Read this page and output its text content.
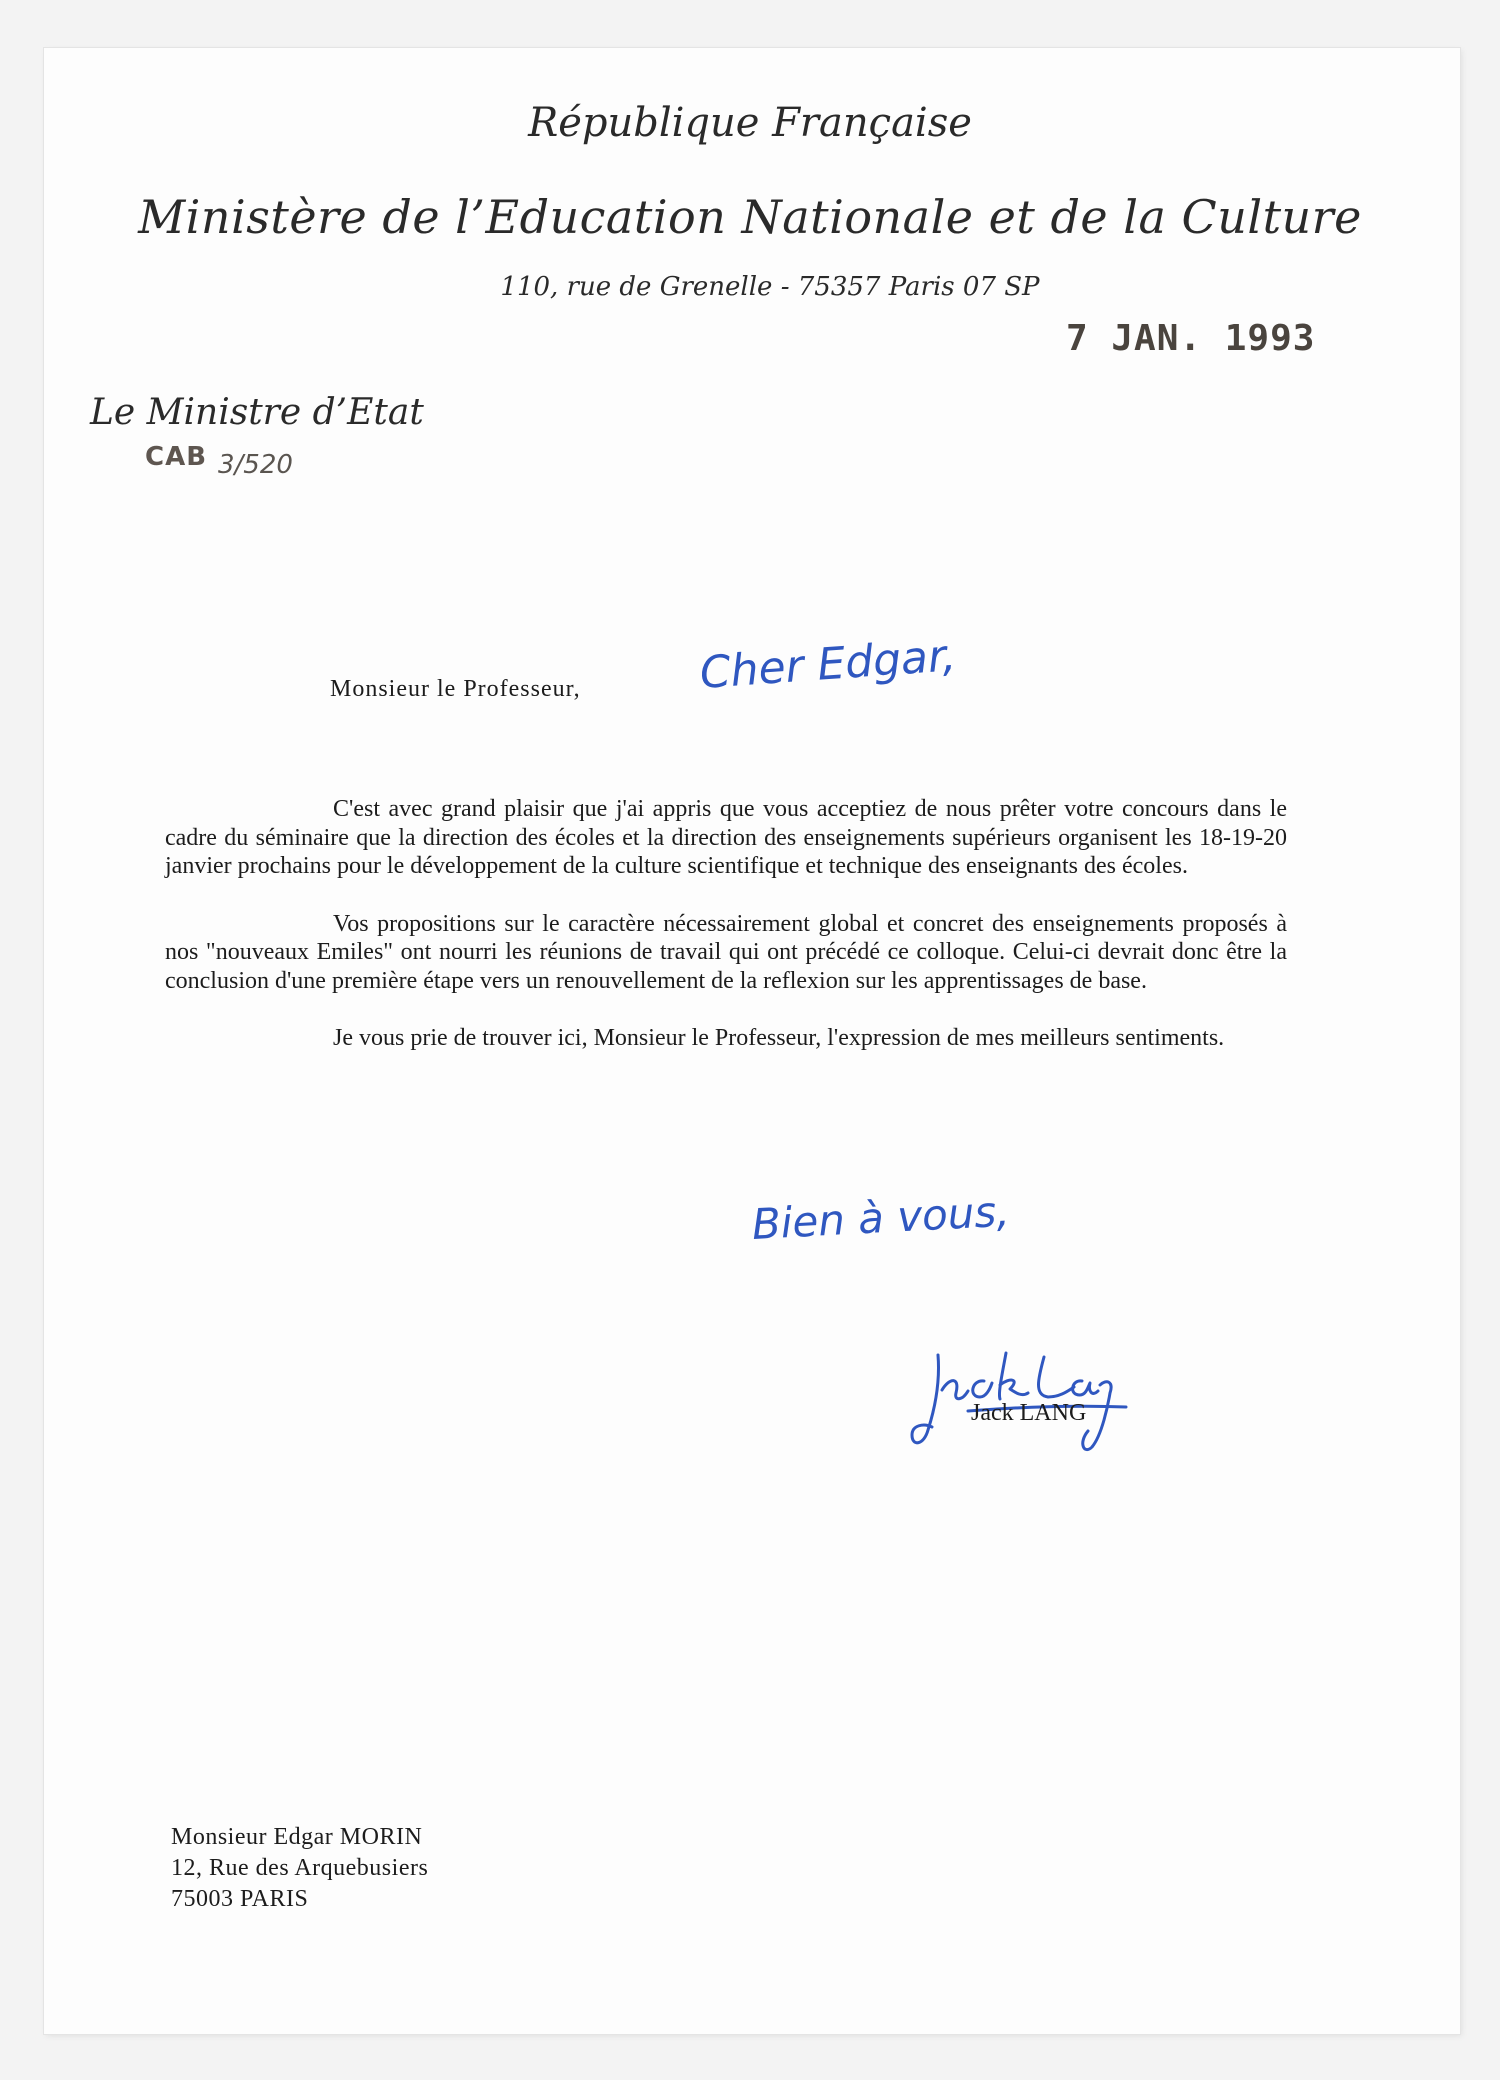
République Française
Ministère de l’Education Nationale et de la Culture
110, rue de Grenelle - 75357 Paris 07 SP
7 JAN. 1993
Le Ministre d’Etat
CAB 3/520
Monsieur le Professeur,	Cher Edgar,

C'est avec grand plaisir que j'ai appris que vous acceptiez de nous prêter votre concours dans le cadre du séminaire que la direction des écoles et la direction des enseignements supérieurs organisent les 18-19-20 janvier prochains pour le développement de la culture scientifique et technique des enseignants des écoles.

Vos propositions sur le caractère nécessairement global et concret des enseignements proposés à nos "nouveaux Emiles" ont nourri les réunions de travail qui ont précédé ce colloque. Celui-ci devrait donc être la conclusion d'une première étape vers un renouvellement de la reflexion sur les apprentissages de base.

Je vous prie de trouver ici, Monsieur le Professeur, l'expression de mes meilleurs sentiments.

Bien à vous,
Jack LANG
Monsieur Edgar MORIN
12, Rue des Arquebusiers
75003 PARIS
